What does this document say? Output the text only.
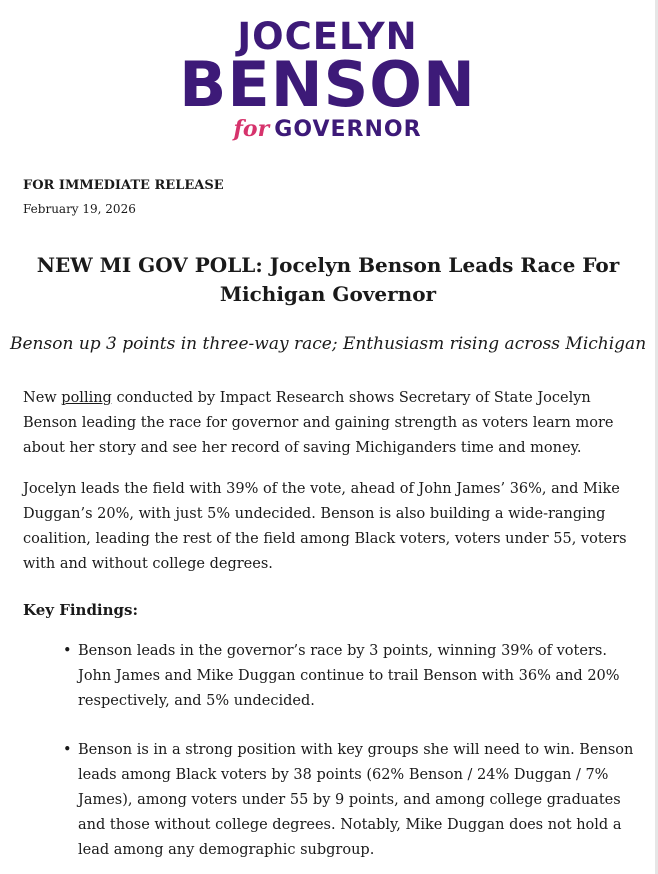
JOCELYN
BENSON
for GOVERNOR
FOR IMMEDIATE RELEASE
February 19, 2026
NEW MI GOV POLL: Jocelyn Benson Leads Race For Michigan Governor
Benson up 3 points in three-way race; Enthusiasm rising across Michigan

New polling conducted by Impact Research shows Secretary of State Jocelyn Benson leading the race for governor and gaining strength as voters learn more about her story and see her record of saving Michiganders time and money.

Jocelyn leads the field with 39% of the vote, ahead of John James’ 36%, and Mike Duggan’s 20%, with just 5% undecided. Benson is also building a wide-ranging coalition, leading the rest of the field among Black voters, voters under 55, voters with and without college degrees.

Key Findings:

• Benson leads in the governor’s race by 3 points, winning 39% of voters. John James and Mike Duggan continue to trail Benson with 36% and 20% respectively, and 5% undecided.

• Benson is in a strong position with key groups she will need to win. Benson leads among Black voters by 38 points (62% Benson / 24% Duggan / 7% James), among voters under 55 by 9 points, and among college graduates and those without college degrees. Notably, Mike Duggan does not hold a lead among any demographic subgroup.
